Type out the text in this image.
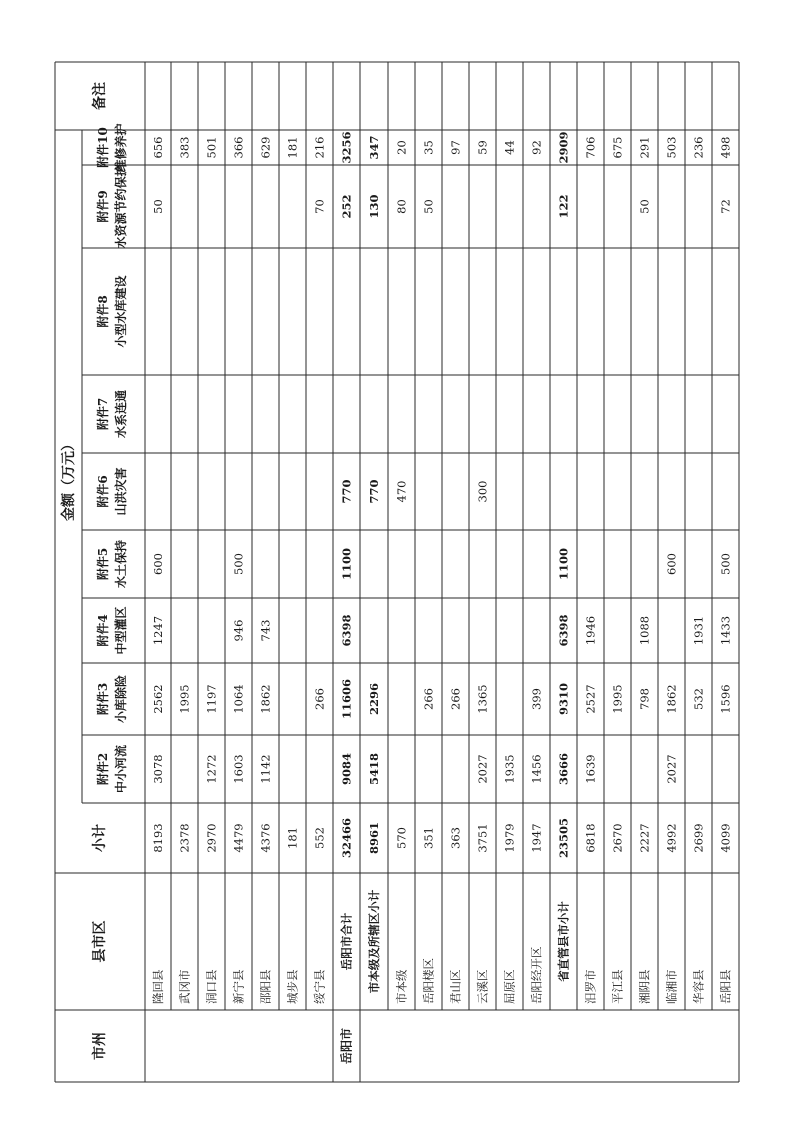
市州
县市区
小计
备注
金额（万元）
附件2 中小河流
附件3 小库除险
附件4 中型灌区
附件5 水土保持
附件6 山洪灾害
附件7 水系连通
附件8 小型水库建设
附件9 水资源节约保护
附件10 维修养护
隆回县
8193
3078
2562
1247
600
50
656
武冈市
2378
1995
383
洞口县
2970
1272
1197
501
新宁县
4479
1603
1064
946
500
366
邵阳县
4376
1142
1862
743
629
城步县
181
181
绥宁县
552
266
70
216
岳阳市
岳阳市合计
32466
9084
11606
6398
1100
770
252
3256
市本级及所辖区小计
8961
5418
2296
770
130
347
市本级
570
470
80
20
岳阳楼区
351
266
50
35
君山区
363
266
97
云溪区
3751
2027
1365
300
59
屈原区
1979
1935
44
岳阳经开区
1947
1456
399
92
省直管县市小计
23505
3666
9310
6398
1100
122
2909
汨罗市
6818
1639
2527
1946
706
平江县
2670
1995
675
湘阴县
2227
798
1088
50
291
临湘市
4992
2027
1862
600
503
华容县
2699
532
1931
236
岳阳县
4099
1596
1433
500
72
498
